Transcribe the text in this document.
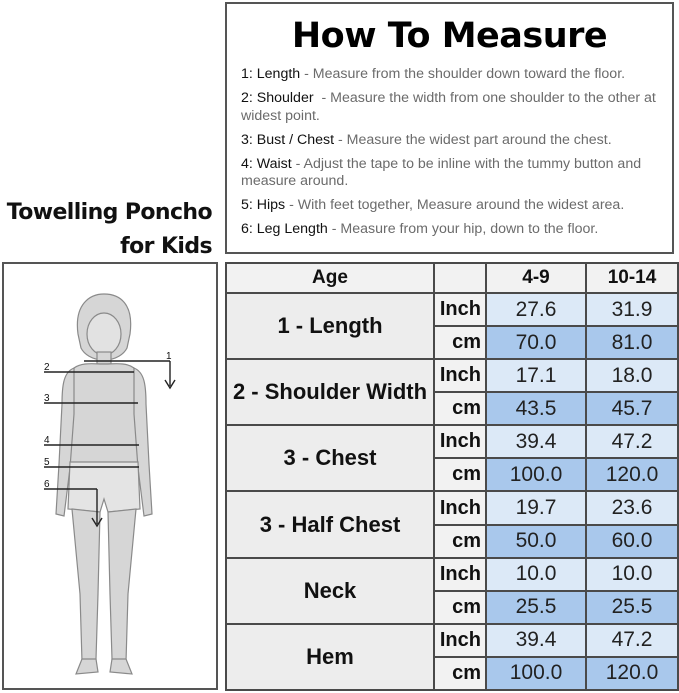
Towelling Poncho
for Kids
How To Measure
1: Length - Measure from the shoulder down toward the floor.
2: Shoulder  - Measure the width from one shoulder to the other at widest point.
3: Bust / Chest - Measure the widest part around the chest.
4: Waist - Adjust the tape to be inline with the tummy button and measure around.
5: Hips - With feet together, Measure around the widest area.
6: Leg Length - Measure from your hip, down to the floor.
1
2
3
4
5
6
Age		4-9	10-14
1 - Length	Inch	27.6	31.9
	cm	70.0	81.0
2 - Shoulder Width	Inch	17.1	18.0
	cm	43.5	45.7
3 - Chest	Inch	39.4	47.2
	cm	100.0	120.0
3 - Half Chest	Inch	19.7	23.6
	cm	50.0	60.0
Neck	Inch	10.0	10.0
	cm	25.5	25.5
Hem	Inch	39.4	47.2
	cm	100.0	120.0
